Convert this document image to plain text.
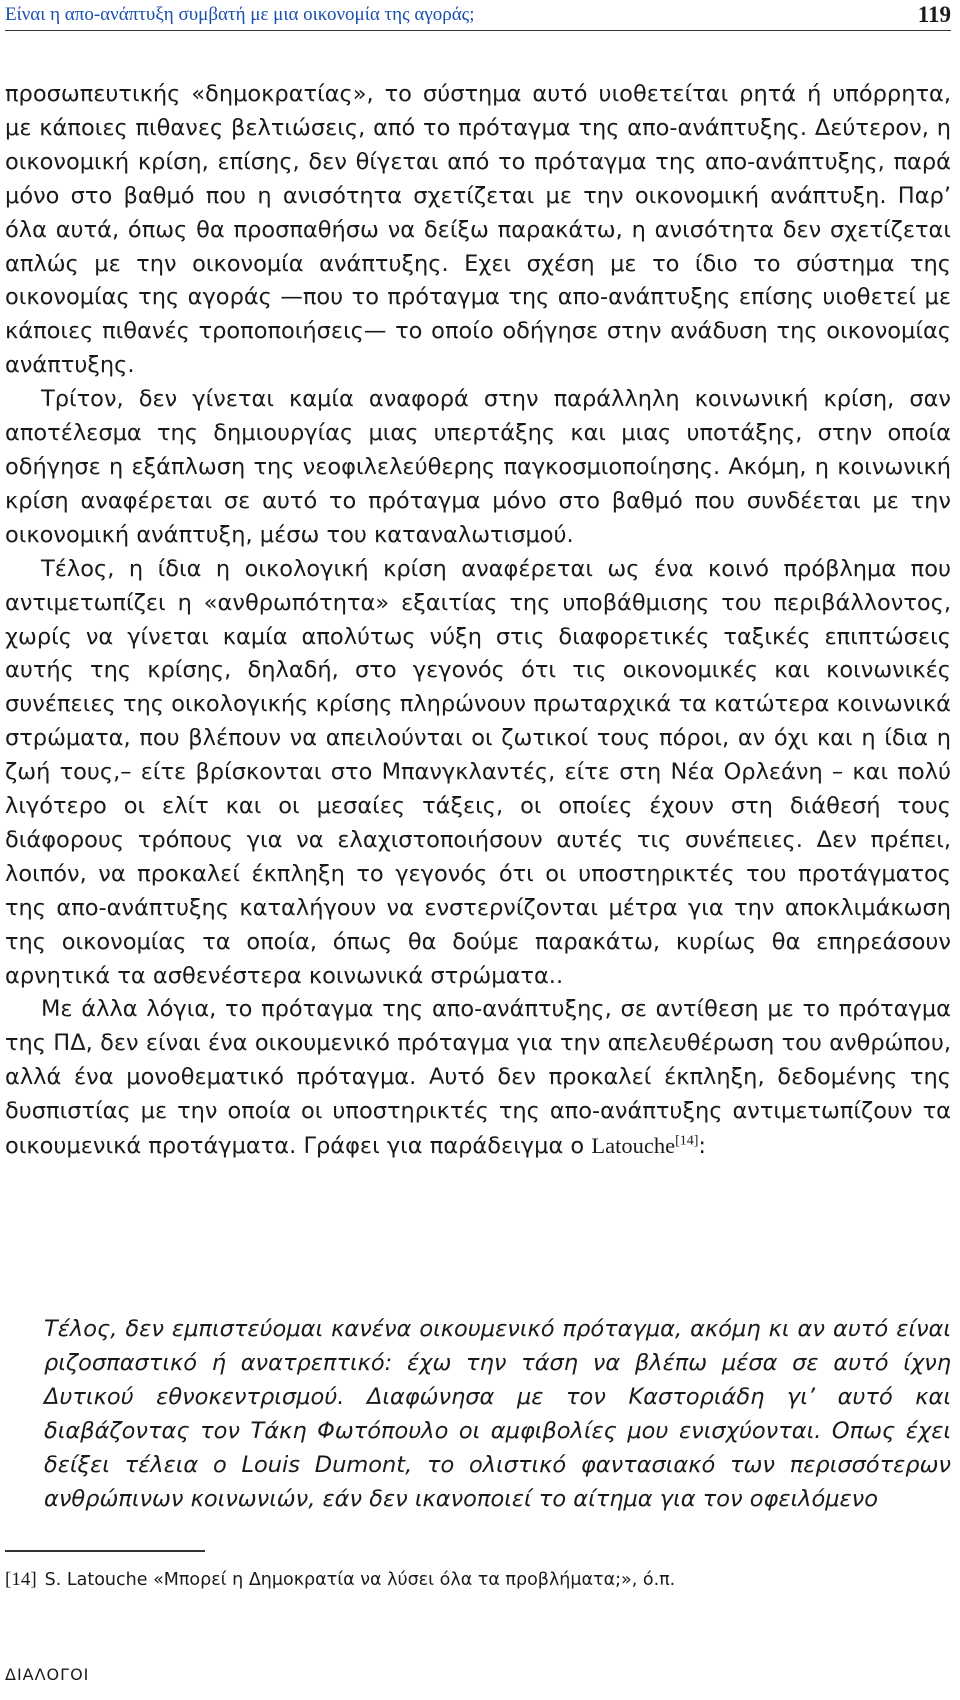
Είναι η απο-ανάπτυξη συμβατή με μια οικονομία της αγοράς;	119

προσωπευτικής «δημοκρατίας», το σύστημα αυτό υιοθετείται ρητά ή υπόρρητα, με κάποιες πιθανες βελτιώσεις, από το πρόταγμα της απο-ανάπτυξης. Δεύτερον, η οικονομική κρίση, επίσης, δεν θίγεται από το πρόταγμα της απο-ανάπτυξης, παρά μόνο στο βαθμό που η ανισότητα σχετίζεται με την οικονομική ανάπτυξη. Παρ’ όλα αυτά, όπως θα προσπαθήσω να δείξω παρακάτω, η ανισότητα δεν σχετίζεται απλώς με την οικονομία ανάπτυξης. Εχει σχέση με το ίδιο το σύστημα της οικονομίας της αγοράς —που το πρόταγμα της απο-ανάπτυξης επίσης υιοθετεί με κάποιες πιθανές τροποποιήσεις— το οποίο οδήγησε στην ανάδυση της οικονομίας ανάπτυξης.

Τρίτον, δεν γίνεται καμία αναφορά στην παράλληλη κοινωνική κρίση, σαν αποτέλεσμα της δημιουργίας μιας υπερτάξης και μιας υποτάξης, στην οποία οδήγησε η εξάπλωση της νεοφιλελεύθερης παγκοσμιοποίησης. Ακόμη, η κοινωνική κρίση αναφέρεται σε αυτό το πρόταγμα μόνο στο βαθμό που συνδέεται με την οικονομική ανάπτυξη, μέσω του καταναλωτισμού.

Τέλος, η ίδια η οικολογική κρίση αναφέρεται ως ένα κοινό πρόβλημα που αντιμετωπίζει η «ανθρωπότητα» εξαιτίας της υποβάθμισης του περιβάλλοντος, χωρίς να γίνεται καμία απολύτως νύξη στις διαφορετικές ταξικές επιπτώσεις αυτής της κρίσης, δηλαδή, στο γεγονός ότι τις οικονομικές και κοινωνικές συνέπειες της οικολογικής κρίσης πληρώνουν πρωταρχικά τα κατώτερα κοινωνικά στρώματα, που βλέπουν να απειλούνται οι ζωτικοί τους πόροι, αν όχι και η ίδια η ζωή τους,– είτε βρίσκονται στο Μπανγκλαντές, είτε στη Νέα Ορλεάνη – και πολύ λιγότερο οι ελίτ και οι μεσαίες τάξεις, οι οποίες έχουν στη διάθεσή τους διάφορους τρόπους για να ελαχιστοποιήσουν αυτές τις συνέπειες. Δεν πρέπει, λοιπόν, να προκαλεί έκπληξη το γεγονός ότι οι υποστηρικτές του προτάγματος της απο-ανάπτυξης καταλήγουν να ενστερνίζονται μέτρα για την αποκλιμάκωση της οικονομίας τα οποία, όπως θα δούμε παρακάτω, κυρίως θα επηρεάσουν αρνητικά τα ασθενέστερα κοινωνικά στρώματα..

Με άλλα λόγια, το πρόταγμα της απο-ανάπτυξης, σε αντίθεση με το πρόταγμα της ΠΔ, δεν είναι ένα οικουμενικό πρόταγμα για την απελευθέρωση του ανθρώπου, αλλά ένα μονοθεματικό πρόταγμα. Αυτό δεν προκαλεί έκπληξη, δεδομένης της δυσπιστίας με την οποία οι υποστηρικτές της απο-ανάπτυξης αντιμετωπίζουν τα οικουμενικά προτάγματα. Γράφει για παράδειγμα ο Latouche[14]:

Τέλος, δεν εμπιστεύομαι κανένα οικουμενικό πρόταγμα, ακόμη κι αν αυτό είναι ριζοσπαστικό ή ανατρεπτικό: έχω την τάση να βλέπω μέσα σε αυτό ίχνη Δυτικού εθνοκεντρισμού. Διαφώνησα με τον Καστοριάδη γι’ αυτό και διαβάζοντας τον Τάκη Φωτόπουλο οι αμφιβολίες μου ενισχύονται. Οπως έχει δείξει τέλεια ο Louis Dumont, το ολιστικό φαντασιακό των περισσότερων ανθρώπινων κοινωνιών, εάν δεν ικανοποιεί το αίτημα για τον οφειλόμενο

[14] S. Latouche «Μπορεί η Δημοκρατία να λύσει όλα τα προβλήματα;», ό.π.
ΔΙΑΛΟΓΟΙ
